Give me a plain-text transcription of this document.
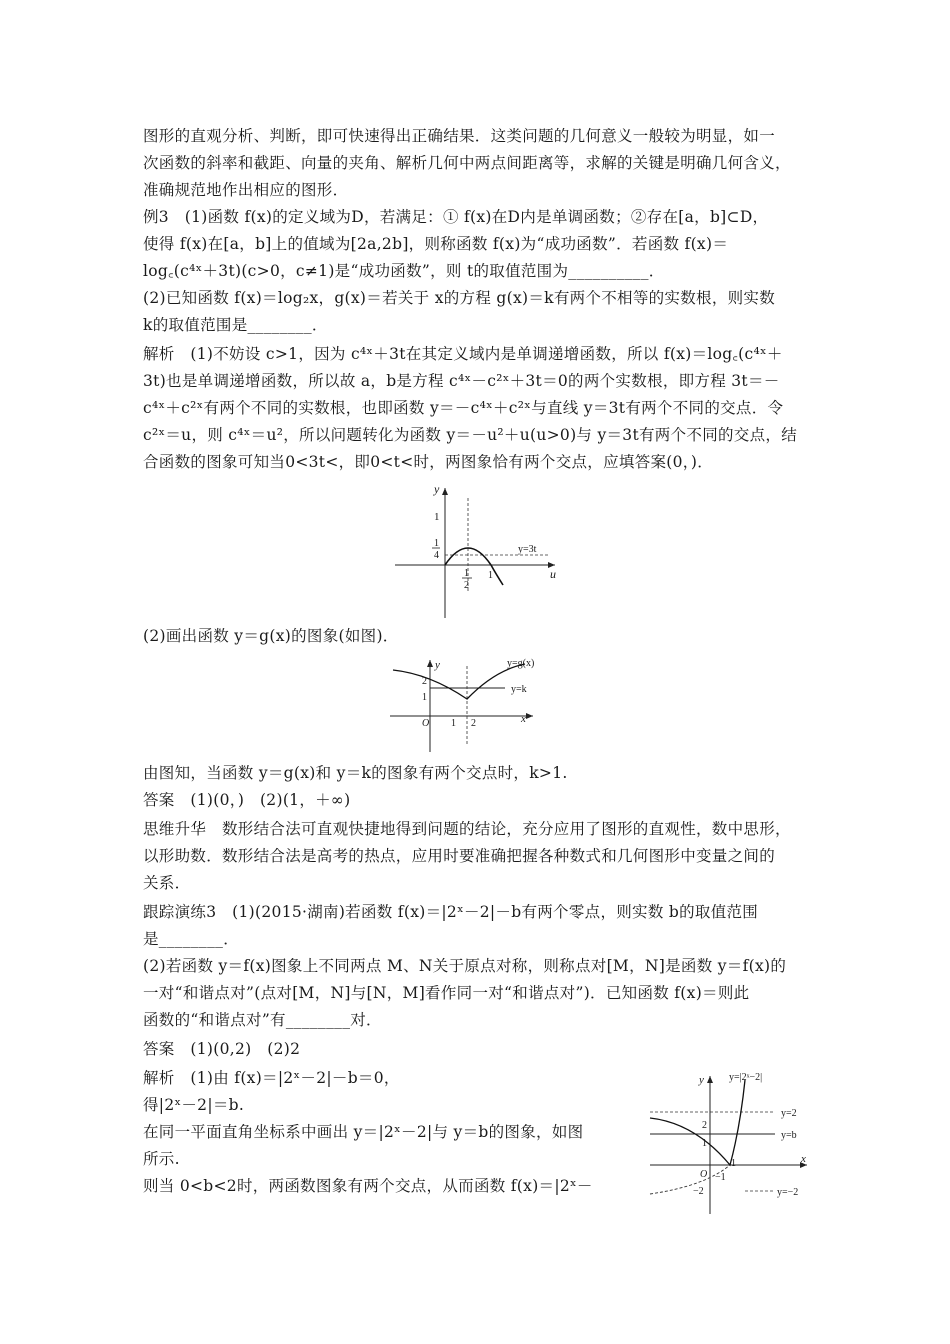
图形的直观分析、判断，即可快速得出正确结果．这类问题的几何意义一般较为明显，如一
次函数的斜率和截距、向量的夹角、解析几何中两点间距离等，求解的关键是明确几何含义，
准确规范地作出相应的图形．
例3　(1)函数 f(x)的定义域为D，若满足：① f(x)在D内是单调函数；②存在[a，b]⊂D，
使得 f(x)在[a，b]上的值域为[2a,2b]，则称函数 f(x)为“成功函数”．若函数 f(x)＝
log꜀(c⁴ˣ＋3t)(c>0，c≠1)是“成功函数”，则 t的取值范围为__________．
(2)已知函数 f(x)＝log₂x，g(x)＝若关于 x的方程 g(x)＝k有两个不相等的实数根，则实数
k的取值范围是________．
解析　(1)不妨设 c>1，因为 c⁴ˣ＋3t在其定义域内是单调递增函数，所以 f(x)＝log꜀(c⁴ˣ＋
3t)也是单调递增函数，所以故 a，b是方程 c⁴ˣ－c²ˣ＋3t＝0的两个实数根，即方程 3t＝－
c⁴ˣ＋c²ˣ有两个不同的实数根，也即函数 y＝－c⁴ˣ＋c²ˣ与直线 y＝3t有两个不同的交点．令
c²ˣ＝u，则 c⁴ˣ＝u²，所以问题转化为函数 y＝－u²＋u(u>0)与 y＝3t有两个不同的交点，结
合函数的图象可知当0<3t<，即0<t<时，两图象恰有两个交点，应填答案(0，)．
y
u
1
1
4
y=3t
1
2
1
(2)画出函数 y＝g(x)的图象(如图)．
y
x
O
2
1
1 2
y=k
y=g(x)
由图知，当函数 y＝g(x)和 y＝k的图象有两个交点时，k>1.
答案　(1)(0，)　(2)(1，＋∞)
思维升华　数形结合法可直观快捷地得到问题的结论，充分应用了图形的直观性，数中思形，
以形助数．数形结合法是高考的热点，应用时要准确把握各种数式和几何图形中变量之间的
关系．
跟踪演练3　(1)(2015·湖南)若函数 f(x)＝|2ˣ－2|－b有两个零点，则实数 b的取值范围
是________．
(2)若函数 y＝f(x)图象上不同两点 M、N关于原点对称，则称点对[M，N]是函数 y＝f(x)的
一对“和谐点对”(点对[M，N]与[N，M]看作同一对“和谐点对”)．已知函数 f(x)＝则此
函数的“和谐点对”有________对．
答案　(1)(0,2)　(2)2
解析　(1)由 f(x)＝|2ˣ－2|－b＝0，
得|2ˣ－2|＝b.
在同一平面直角坐标系中画出 y＝|2ˣ－2|与 y＝b的图象，如图
所示.
则当 0<b<2时，两函数图象有两个交点，从而函数 f(x)＝|2ˣ－
y
x
O
y=|2ˣ−2|
y=2
y=b
y=−2
2
1
−1
−2
1
